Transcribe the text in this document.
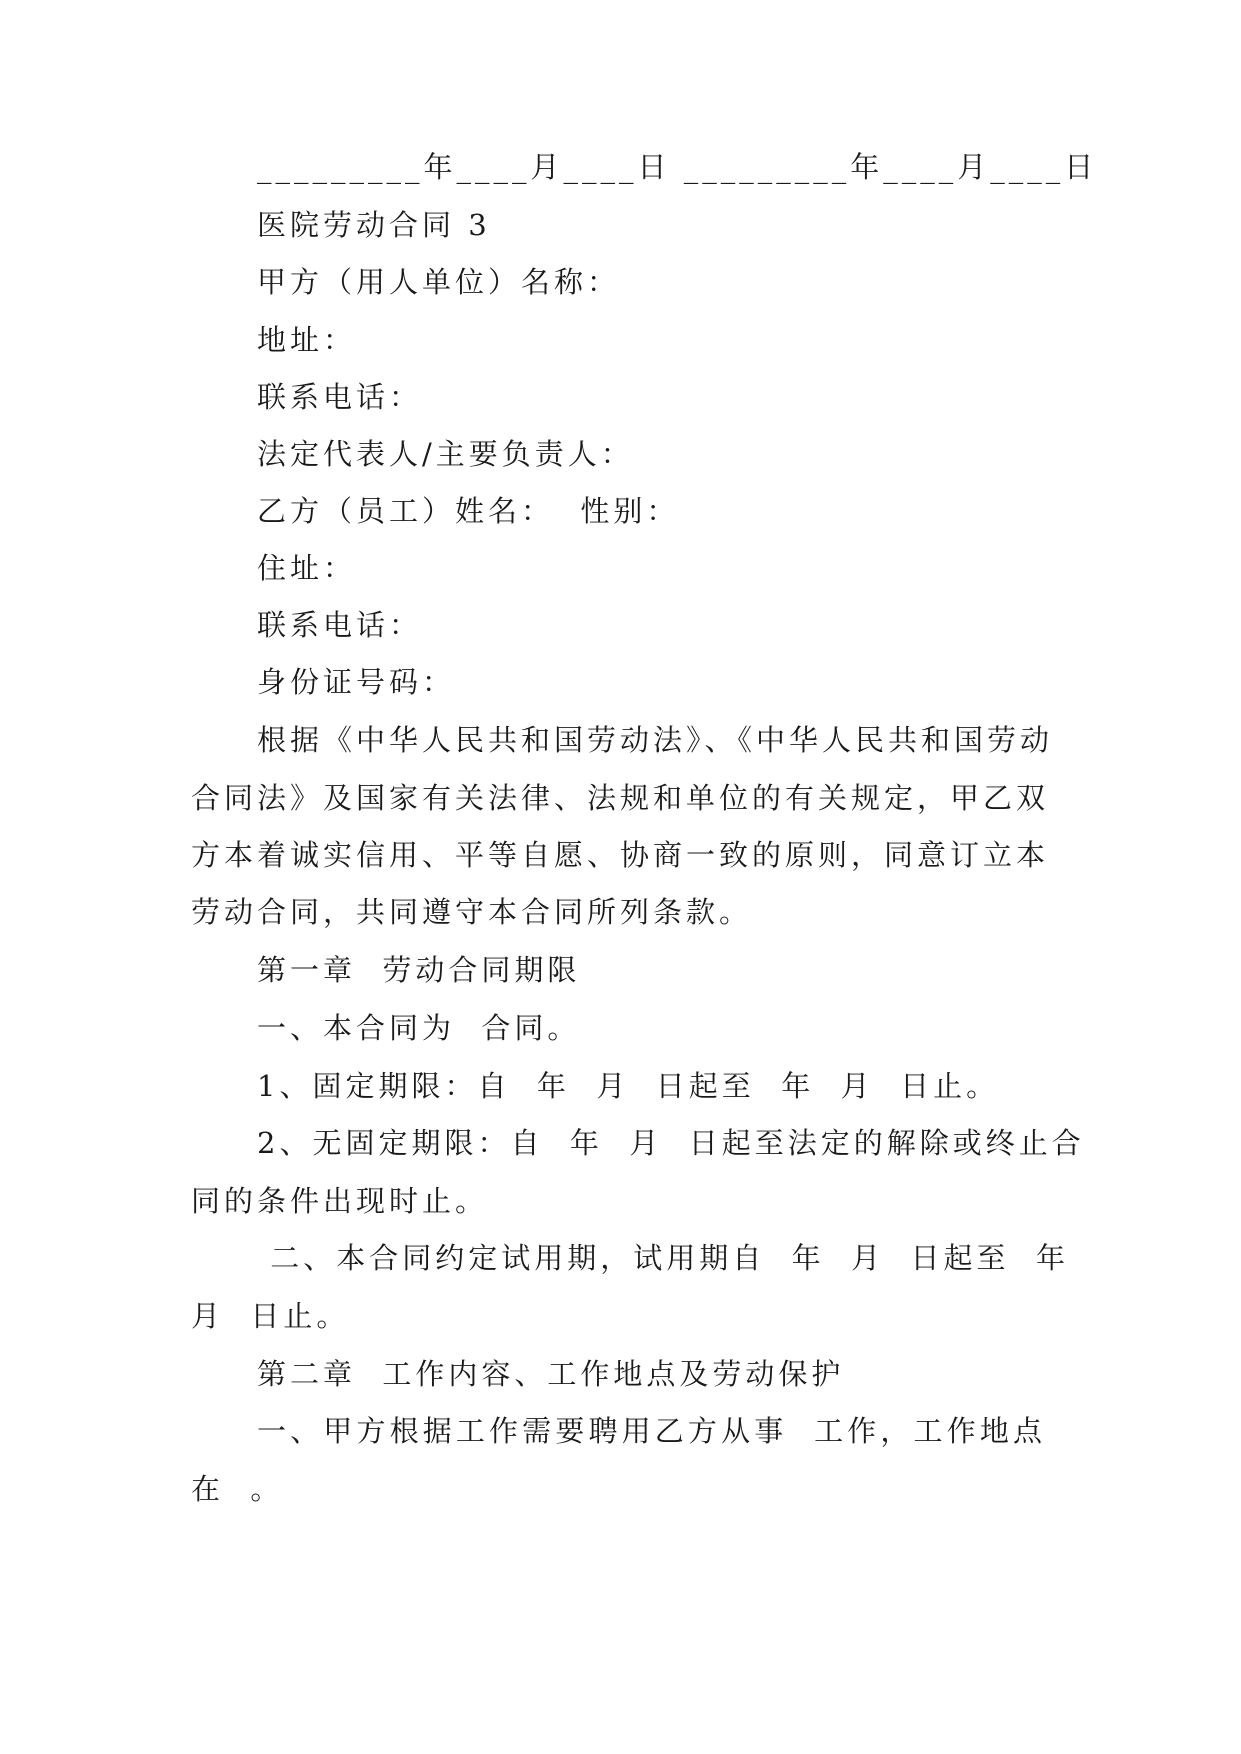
_________年____月____日 _________年____月____日
医院劳动合同 3
甲方（用人单位）名称：
地址：
联系电话：
法定代表人/主要负责人：
乙方（员工）姓名：  性别：
住址：
联系电话：
身份证号码：
根据《中华人民共和国劳动法》、《中华人民共和国劳动
合同法》及国家有关法律、法规和单位的有关规定，甲乙双
方本着诚实信用、平等自愿、协商一致的原则，同意订立本
劳动合同，共同遵守本合同所列条款。
第一章  劳动合同期限
一、本合同为  合同。
1、固定期限：自  年  月  日起至  年  月  日止。
2、无固定期限：自  年  月  日起至法定的解除或终止合
同的条件出现时止。
二、本合同约定试用期，试用期自  年  月  日起至  年
月  日止。
第二章  工作内容、工作地点及劳动保护
一、甲方根据工作需要聘用乙方从事  工作，工作地点
在  。
